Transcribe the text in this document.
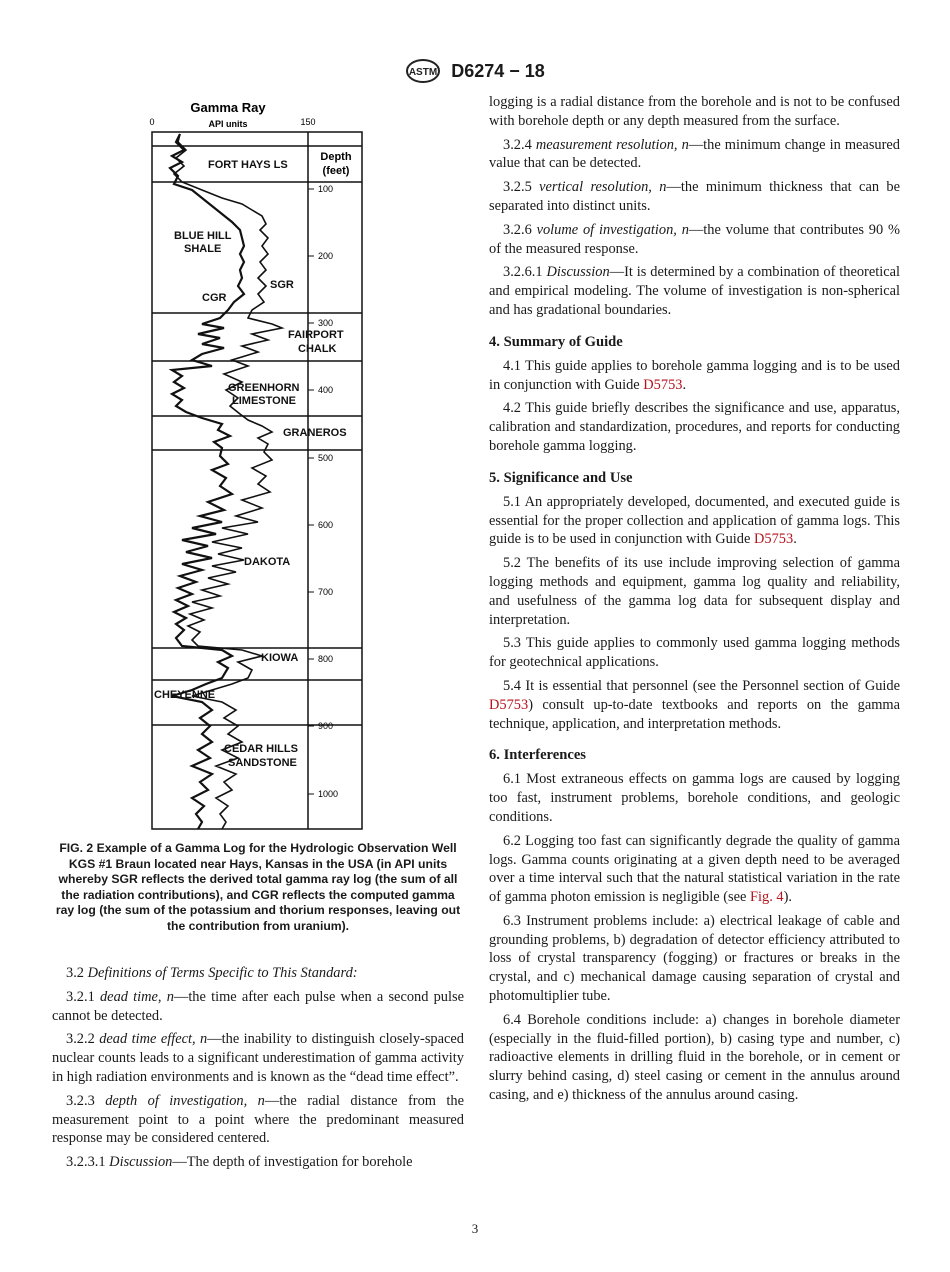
ASTM D6274 − 18
Gamma Ray
API units
0	150
Depth
(feet)
100
200
300
400
500
600
700
800
900
1000
FORT HAYS LS
BLUE HILL
SHALE
SGR
CGR
FAIRPORT
CHALK
GREENHORN
LIMESTONE
GRANEROS
DAKOTA
KIOWA
CHEYENNE
CEDAR HILLS
SANDSTONE
FIG. 2 Example of a Gamma Log for the Hydrologic Observation Well KGS #1 Braun located near Hays, Kansas in the USA (in API units whereby SGR reflects the derived total gamma ray log (the sum of all the radiation contributions), and CGR reflects the computed gamma ray log (the sum of the potassium and thorium responses, leaving out the contribution from uranium).

3.2 Definitions of Terms Specific to This Standard:

3.2.1 dead time, n—the time after each pulse when a second pulse cannot be detected.

3.2.2 dead time effect, n—the inability to distinguish closely-spaced nuclear counts leads to a significant underestimation of gamma activity in high radiation environments and is known as the “dead time effect”.

3.2.3 depth of investigation, n—the radial distance from the measurement point to a point where the predominant measured response may be considered centered.

3.2.3.1 Discussion—The depth of investigation for borehole

logging is a radial distance from the borehole and is not to be confused with borehole depth or any depth measured from the surface.

3.2.4 measurement resolution, n—the minimum change in measured value that can be detected.

3.2.5 vertical resolution, n—the minimum thickness that can be separated into distinct units.

3.2.6 volume of investigation, n—the volume that contributes 90 % of the measured response.

3.2.6.1 Discussion—It is determined by a combination of theoretical and empirical modeling. The volume of investigation is non-spherical and has gradational boundaries.

4. Summary of Guide

4.1 This guide applies to borehole gamma logging and is to be used in conjunction with Guide D5753.

4.2 This guide briefly describes the significance and use, apparatus, calibration and standardization, procedures, and reports for conducting borehole gamma logging.

5. Significance and Use

5.1 An appropriately developed, documented, and executed guide is essential for the proper collection and application of gamma logs. This guide is to be used in conjunction with Guide D5753.

5.2 The benefits of its use include improving selection of gamma logging methods and equipment, gamma log quality and reliability, and usefulness of the gamma log data for subsequent display and interpretation.

5.3 This guide applies to commonly used gamma logging methods for geotechnical applications.

5.4 It is essential that personnel (see the Personnel section of Guide D5753) consult up-to-date textbooks and reports on the gamma technique, application, and interpretation methods.

6. Interferences

6.1 Most extraneous effects on gamma logs are caused by logging too fast, instrument problems, borehole conditions, and geologic conditions.

6.2 Logging too fast can significantly degrade the quality of gamma logs. Gamma counts originating at a given depth need to be averaged over a time interval such that the natural statistical variation in the rate of gamma photon emission is negligible (see Fig. 4).

6.3 Instrument problems include: a) electrical leakage of cable and grounding problems, b) degradation of detector efficiency attributed to loss of crystal transparency (fogging) or fractures or breaks in the crystal, and c) mechanical damage causing separation of crystal and photomultiplier tube.

6.4 Borehole conditions include: a) changes in borehole diameter (especially in the fluid-filled portion), b) casing type and number, c) radioactive elements in drilling fluid in the borehole, or in cement or slurry behind casing, d) steel casing or cement in the annulus around casing, and e) thickness of the annulus around casing.

3
